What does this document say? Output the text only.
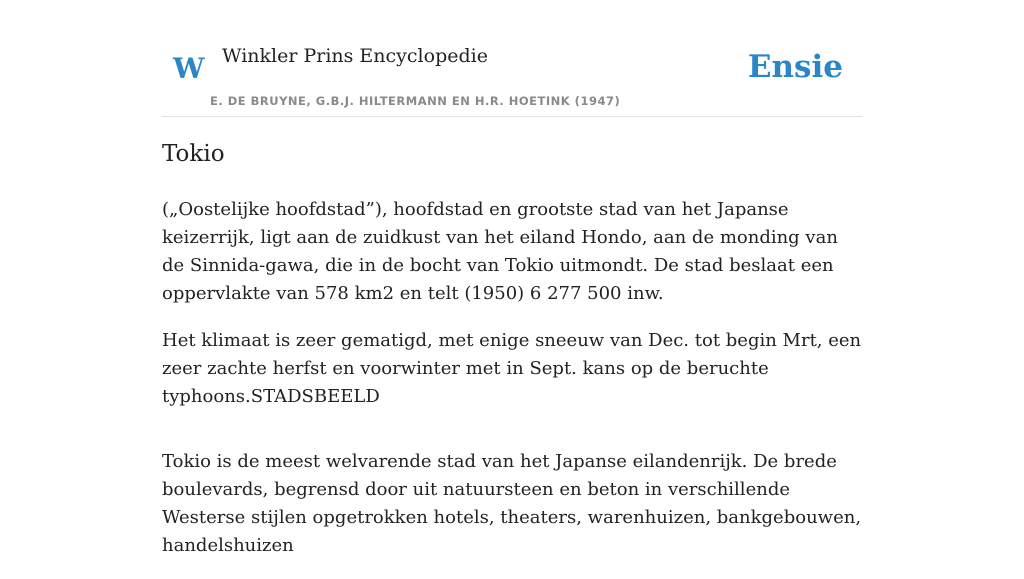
W Winkler Prins Encyclopedie
E. DE BRUYNE, G.B.J. HILTERMANN EN H.R. HOETINK (1947)
Ensie
Tokio

(„Oostelijke hoofdstad”), hoofdstad en grootste stad van het Japanse keizerrijk, ligt aan de zuidkust van het eiland Hondo, aan de monding van de Sinnida-gawa, die in de bocht van Tokio uitmondt. De stad beslaat een oppervlakte van 578 km2 en telt (1950) 6 277 500 inw.

Het klimaat is zeer gematigd, met enige sneeuw van Dec. tot begin Mrt, een zeer zachte herfst en voorwinter met in Sept. kans op de beruchte typhoons.STADSBEELD

Tokio is de meest welvarende stad van het Japanse eilandenrijk. De brede boulevards, begrensd door uit natuursteen en beton in verschillende Westerse stijlen opgetrokken hotels, theaters, warenhuizen, bankgebouwen, handelshuizen
